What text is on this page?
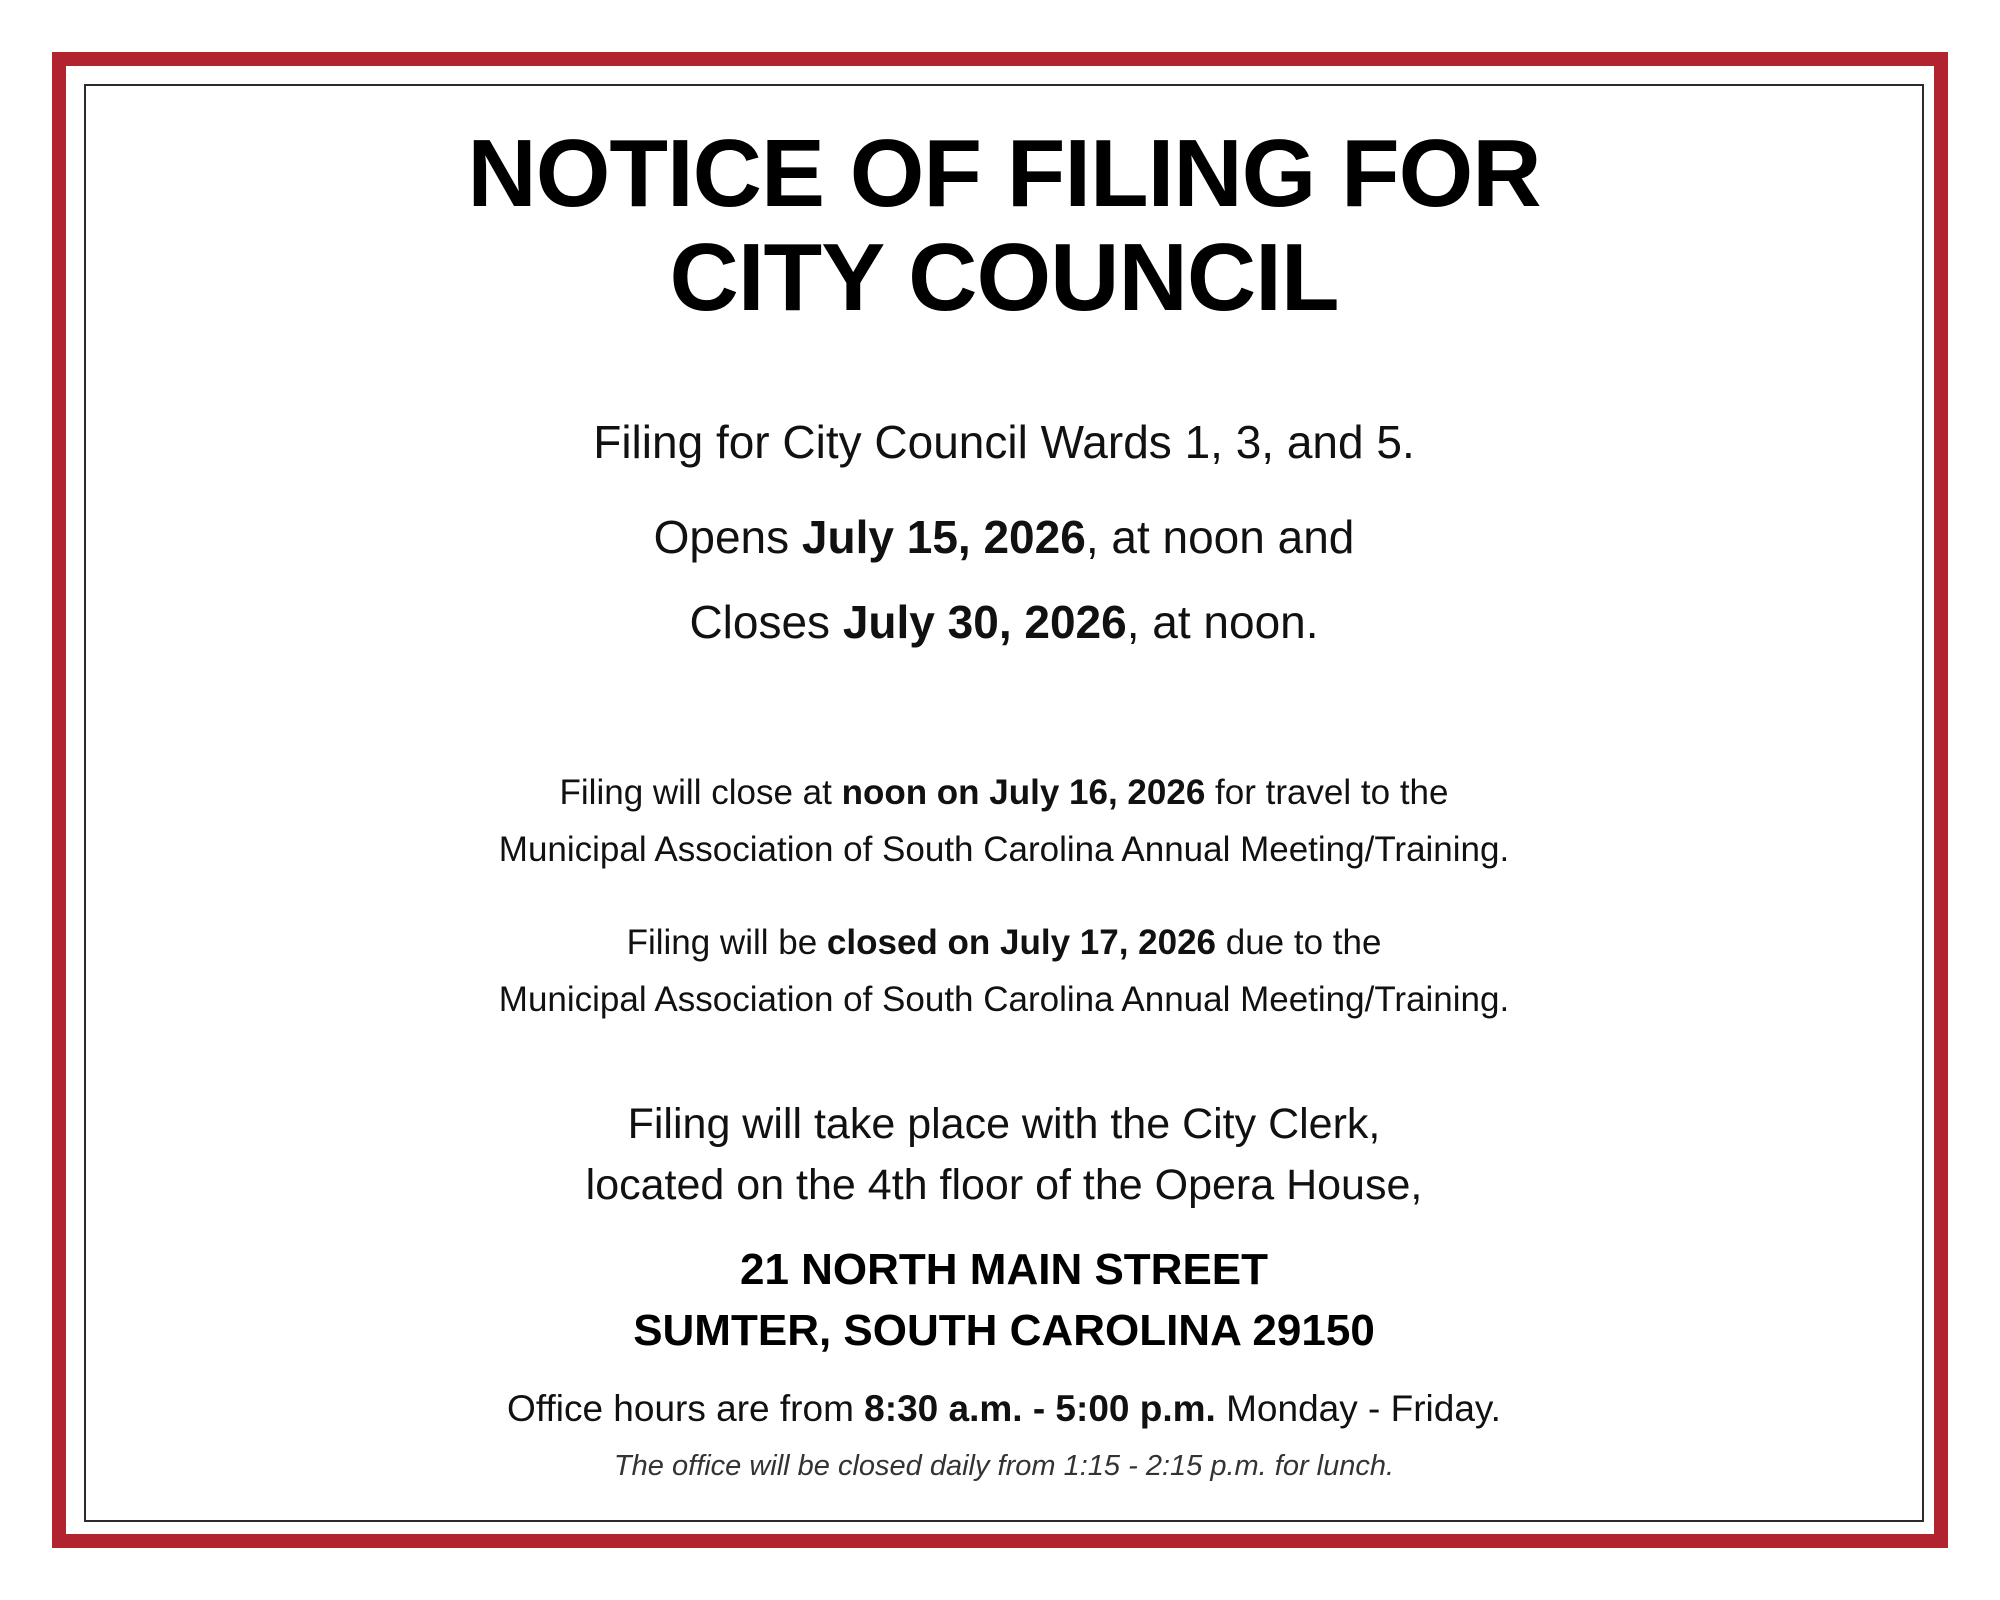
NOTICE OF FILING FOR
CITY COUNCIL
Filing for City Council Wards 1, 3, and 5.
Opens July 15, 2026, at noon and
Closes July 30, 2026, at noon.
Filing will close at noon on July 16, 2026 for travel to the
Municipal Association of South Carolina Annual Meeting/Training.
Filing will be closed on July 17, 2026 due to the
Municipal Association of South Carolina Annual Meeting/Training.
Filing will take place with the City Clerk,
located on the 4th floor of the Opera House,
21 NORTH MAIN STREET
SUMTER, SOUTH CAROLINA 29150
Office hours are from 8:30 a.m. - 5:00 p.m. Monday - Friday.
The office will be closed daily from 1:15 - 2:15 p.m. for lunch.
